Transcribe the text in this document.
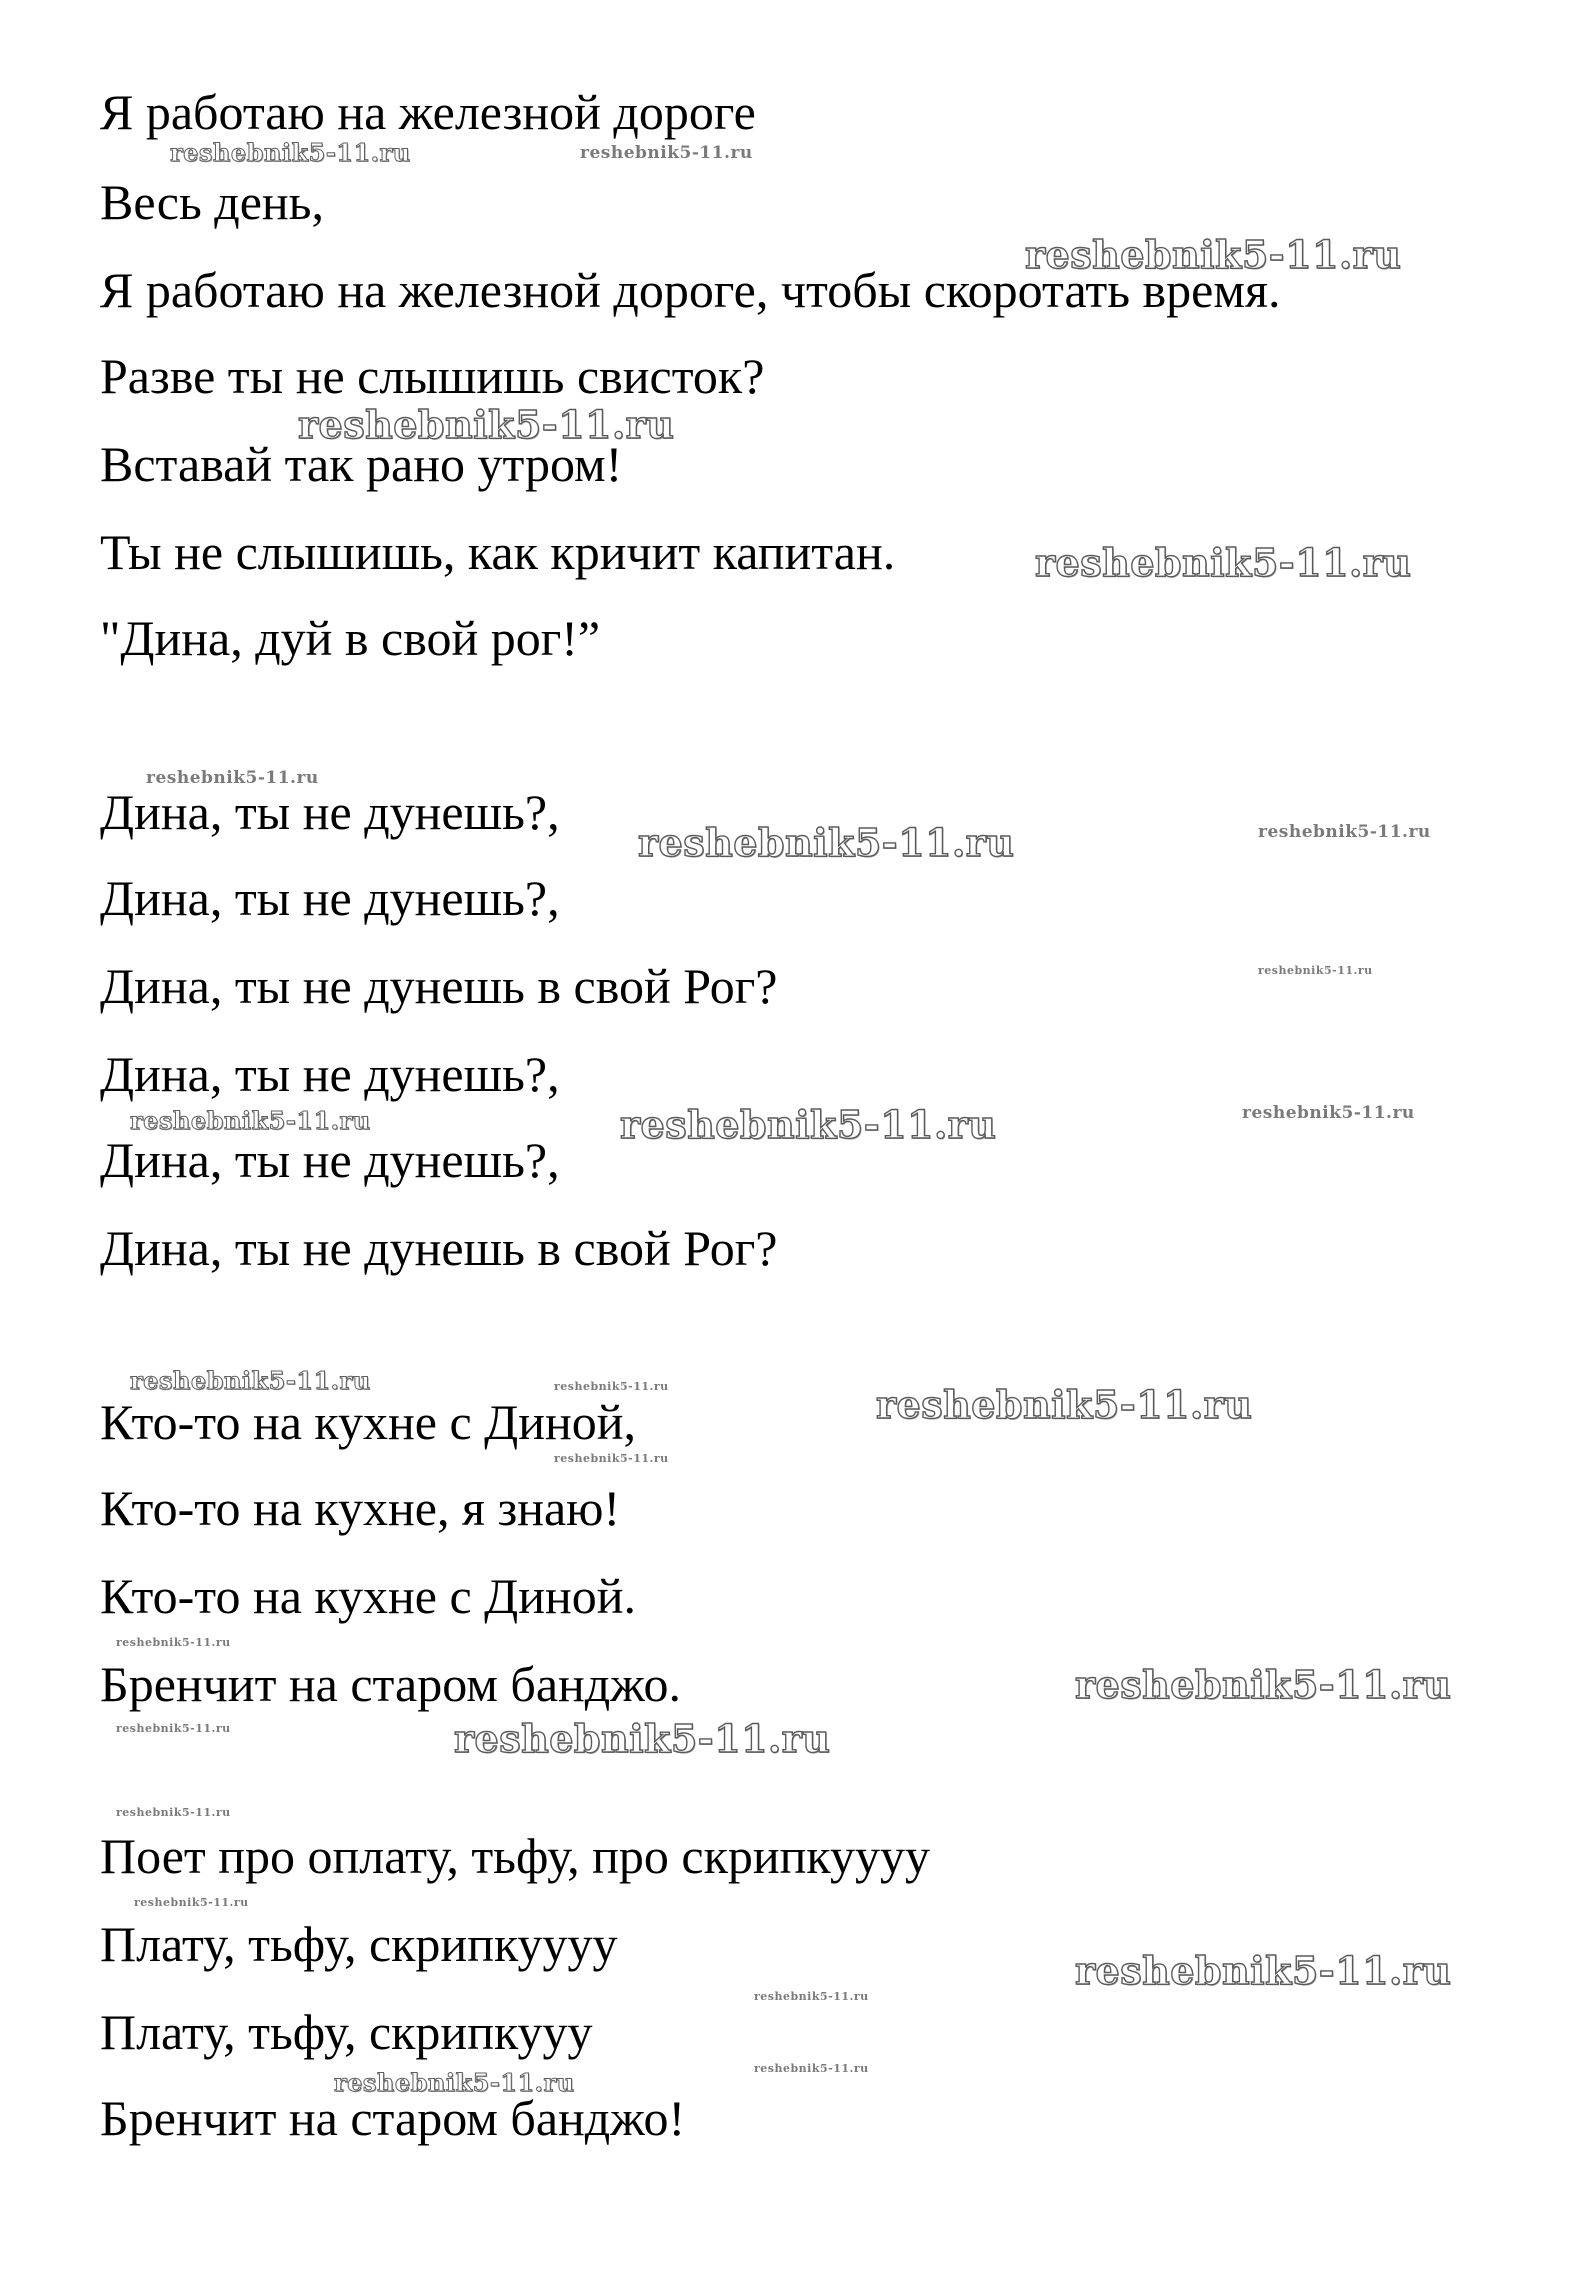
Я работаю на железной дороге

Весь день,

Я работаю на железной дороге, чтобы скоротать время.

Разве ты не слышишь свисток?

Вставай так рано утром!

Ты не слышишь, как кричит капитан.

"Дина, дуй в свой рог!”

Дина, ты не дунешь?,

Дина, ты не дунешь?,

Дина, ты не дунешь в свой Рог?

Дина, ты не дунешь?,

Дина, ты не дунешь?,

Дина, ты не дунешь в свой Рог?

Кто-то на кухне с Диной,

Кто-то на кухне, я знаю!

Кто-то на кухне с Диной.

Бренчит на старом банджо.

Поет про оплату, тьфу, про скрипкуууу

Плату, тьфу, скрипкуууу

Плату, тьфу, скрипкууу

Бренчит на старом банджо!

reshebnik5-11.ru	reshebnik5-11.ru
reshebnik5-11.ru
reshebnik5-11.ru
reshebnik5-11.ru
reshebnik5-11.ru
reshebnik5-11.ru	reshebnik5-11.ru
reshebnik5-11.ru
reshebnik5-11.ru	reshebnik5-11.ru	reshebnik5-11.ru
reshebnik5-11.ru	reshebnik5-11.ru	reshebnik5-11.ru
reshebnik5-11.ru
reshebnik5-11.ru
reshebnik5-11.ru
reshebnik5-11.ru	reshebnik5-11.ru
reshebnik5-11.ru
reshebnik5-11.ru
reshebnik5-11.ru
reshebnik5-11.ru
reshebnik5-11.ru
reshebnik5-11.ru
